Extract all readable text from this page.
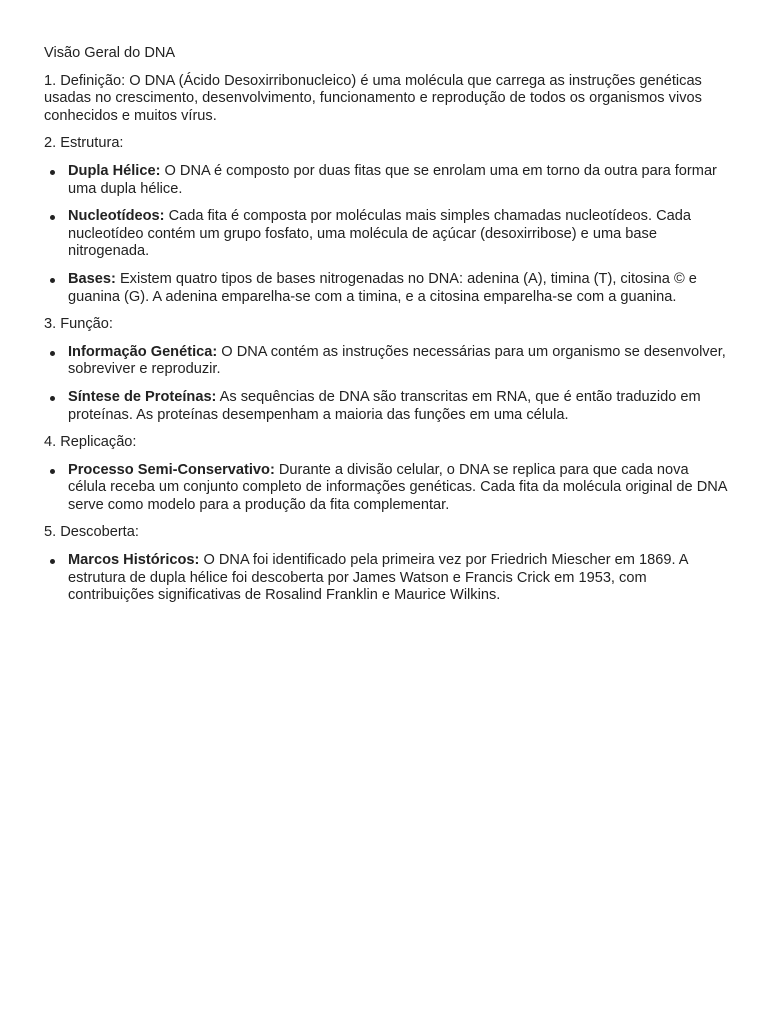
Visão Geral do DNA
1. Definição: O DNA (Ácido Desoxirribonucleico) é uma molécula que carrega as instruções genéticas usadas no crescimento, desenvolvimento, funcionamento e reprodução de todos os organismos vivos conhecidos e muitos vírus.
2. Estrutura:
Dupla Hélice: O DNA é composto por duas fitas que se enrolam uma em torno da outra para formar uma dupla hélice.
Nucleotídeos: Cada fita é composta por moléculas mais simples chamadas nucleotídeos. Cada nucleotídeo contém um grupo fosfato, uma molécula de açúcar (desoxirribose) e uma base nitrogenada.
Bases: Existem quatro tipos de bases nitrogenadas no DNA: adenina (A), timina (T), citosina © e guanina (G). A adenina emparelha-se com a timina, e a citosina emparelha-se com a guanina.
3. Função:
Informação Genética: O DNA contém as instruções necessárias para um organismo se desenvolver, sobreviver e reproduzir.
Síntese de Proteínas: As sequências de DNA são transcritas em RNA, que é então traduzido em proteínas. As proteínas desempenham a maioria das funções em uma célula.
4. Replicação:
Processo Semi-Conservativo: Durante a divisão celular, o DNA se replica para que cada nova célula receba um conjunto completo de informações genéticas. Cada fita da molécula original de DNA serve como modelo para a produção da fita complementar.
5. Descoberta:
Marcos Históricos: O DNA foi identificado pela primeira vez por Friedrich Miescher em 1869. A estrutura de dupla hélice foi descoberta por James Watson e Francis Crick em 1953, com contribuições significativas de Rosalind Franklin e Maurice Wilkins.
